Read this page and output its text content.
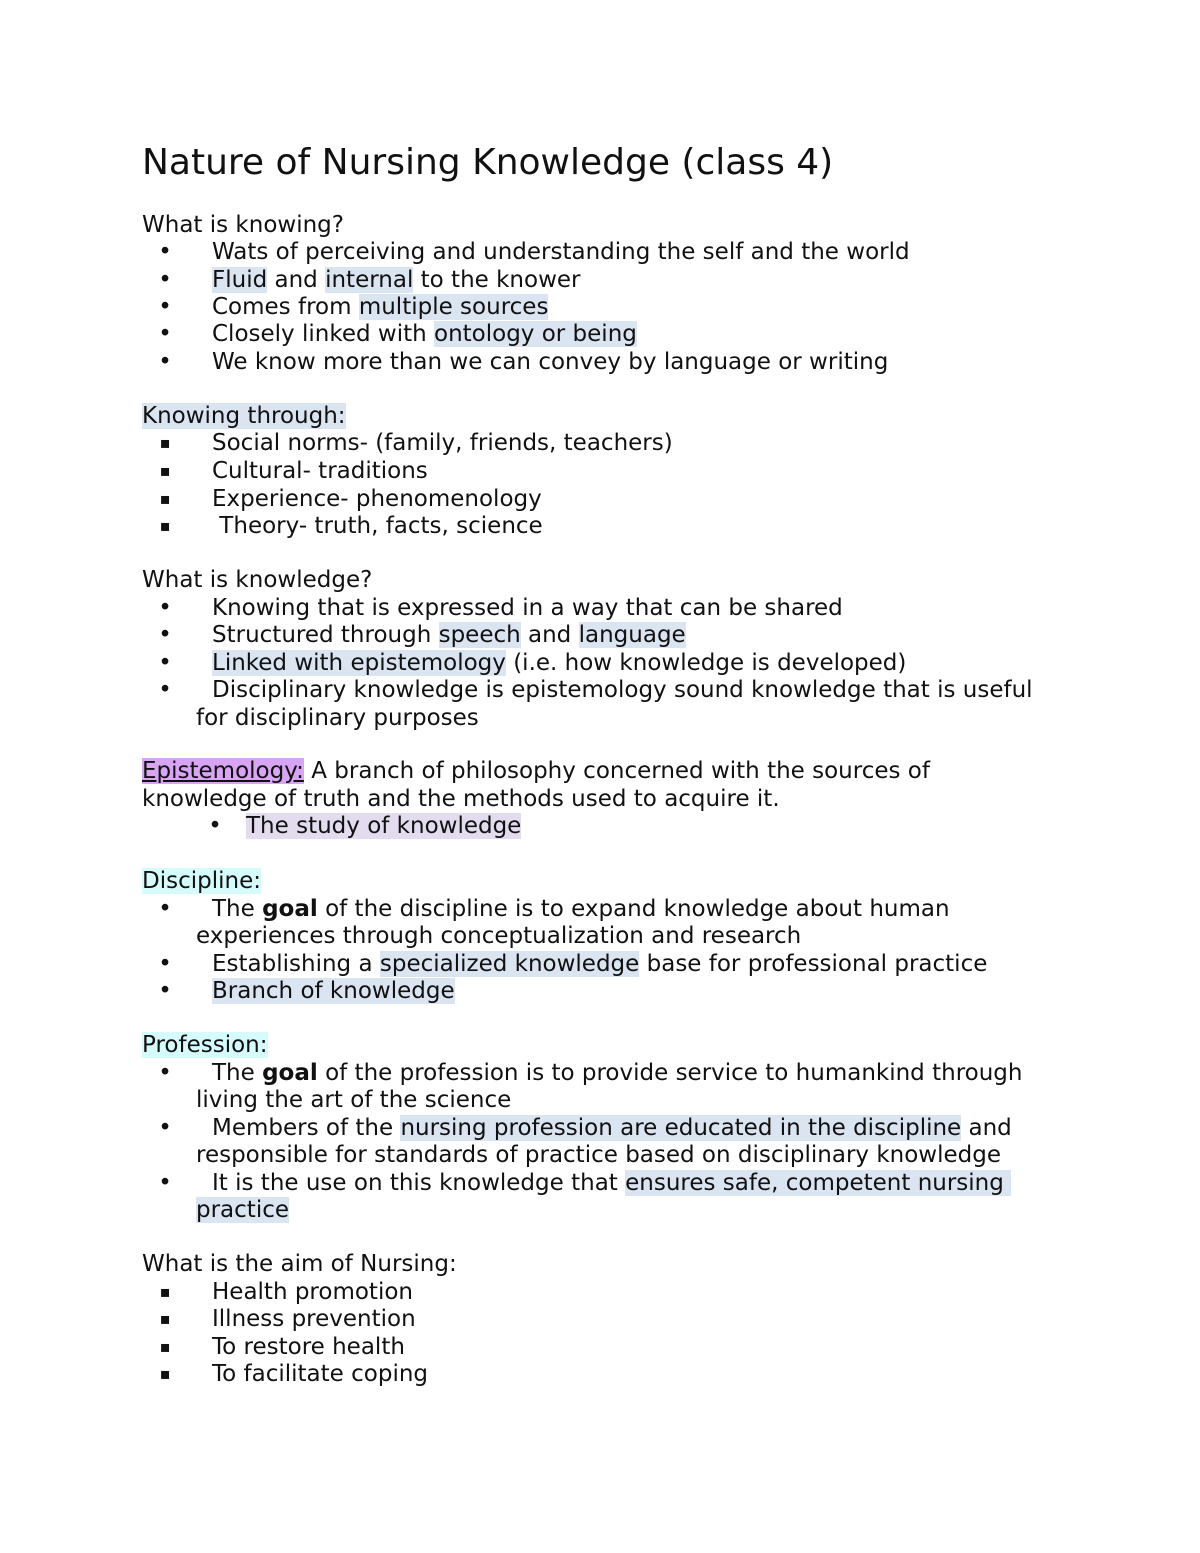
Nature of Nursing Knowledge (class 4)
What is knowing?
• Wats of perceiving and understanding the self and the world
• Fluid and internal to the knower
• Comes from multiple sources
• Closely linked with ontology or being
• We know more than we can convey by language or writing
Knowing through:
▪ Social norms- (family, friends, teachers)
▪ Cultural- traditions
▪ Experience- phenomenology
▪ Theory- truth, facts, science
What is knowledge?
• Knowing that is expressed in a way that can be shared
• Structured through speech and language
• Linked with epistemology (i.e. how knowledge is developed)
• Disciplinary knowledge is epistemology sound knowledge that is useful
for disciplinary purposes
Epistemology: A branch of philosophy concerned with the sources of
knowledge of truth and the methods used to acquire it.
• The study of knowledge
Discipline:
• The goal of the discipline is to expand knowledge about human
experiences through conceptualization and research
• Establishing a specialized knowledge base for professional practice
• Branch of knowledge
Profession:
• The goal of the profession is to provide service to humankind through
living the art of the science
• Members of the nursing profession are educated in the discipline and
responsible for standards of practice based on disciplinary knowledge
• It is the use on this knowledge that ensures safe, competent nursing
practice
What is the aim of Nursing:
▪ Health promotion
▪ Illness prevention
▪ To restore health
▪ To facilitate coping
